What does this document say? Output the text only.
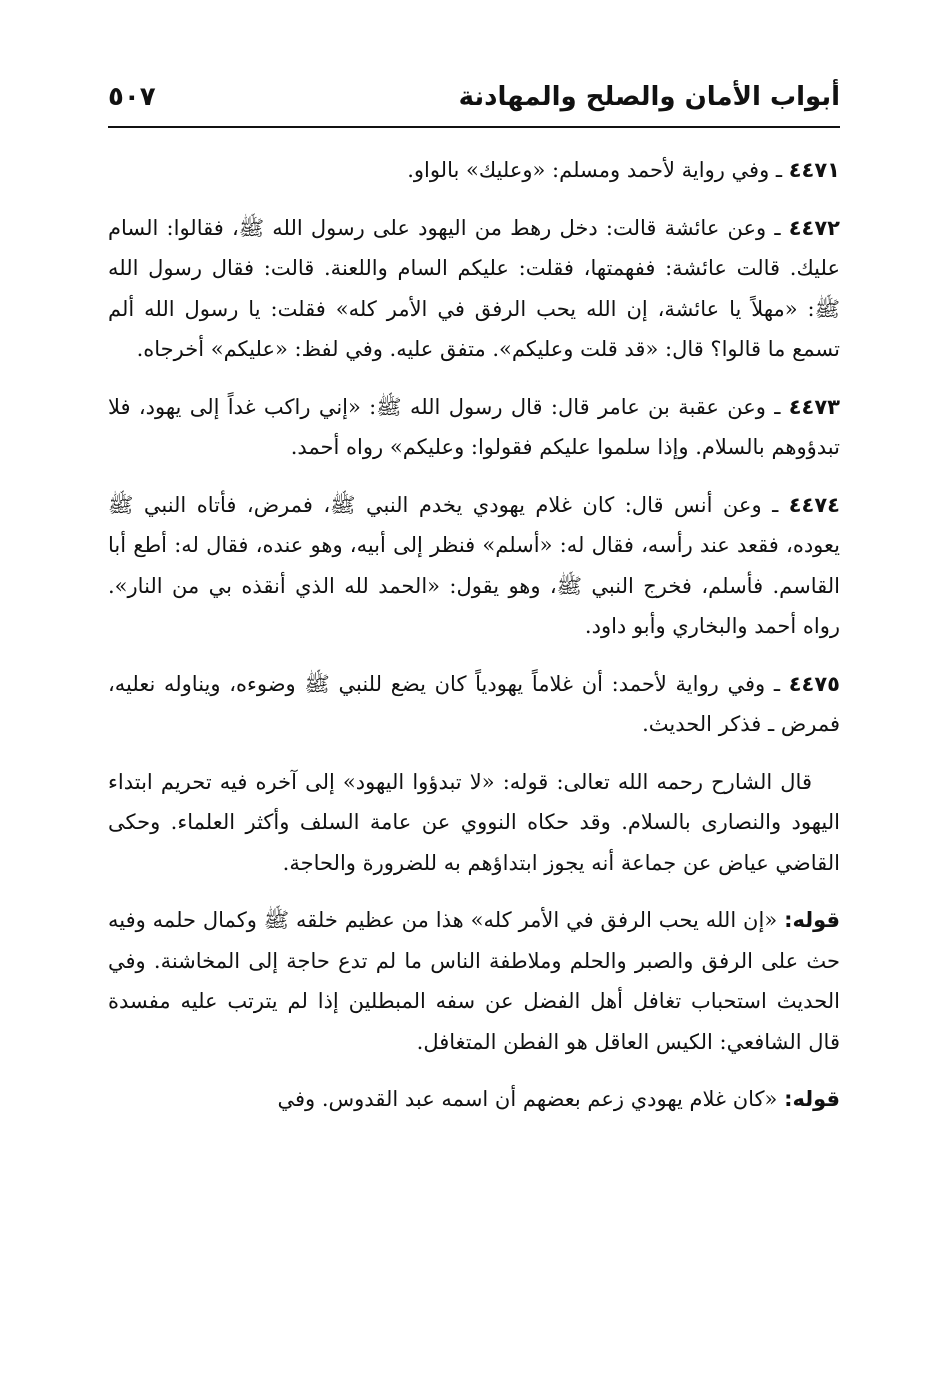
أبواب الأمان والصلح والمهادنة
٥٠٧

٤٤٧١ ـ وفي رواية لأحمد ومسلم: «وعليك» بالواو.

٤٤٧٢ ـ وعن عائشة قالت: دخل رهط من اليهود على رسول الله ﷺ، فقالوا: السام عليك. قالت عائشة: ففهمتها، فقلت: عليكم السام واللعنة. قالت: فقال رسول الله ﷺ: «مهلاً يا عائشة، إن الله يحب الرفق في الأمر كله» فقلت: يا رسول الله ألم تسمع ما قالوا؟ قال: «قد قلت وعليكم». متفق عليه. وفي لفظ: «عليكم» أخرجاه.

٤٤٧٣ ـ وعن عقبة بن عامر قال: قال رسول الله ﷺ: «إني راكب غداً إلى يهود، فلا تبدؤوهم بالسلام. وإذا سلموا عليكم فقولوا: وعليكم» رواه أحمد.

٤٤٧٤ ـ وعن أنس قال: كان غلام يهودي يخدم النبي ﷺ، فمرض، فأتاه النبي ﷺ يعوده، فقعد عند رأسه، فقال له: «أسلم» فنظر إلى أبيه، وهو عنده، فقال له: أطع أبا القاسم. فأسلم، فخرج النبي ﷺ، وهو يقول: «الحمد لله الذي أنقذه بي من النار». رواه أحمد والبخاري وأبو داود.

٤٤٧٥ ـ وفي رواية لأحمد: أن غلاماً يهودياً كان يضع للنبي ﷺ وضوءه، ويناوله نعليه، فمرض ـ فذكر الحديث.

قال الشارح رحمه الله تعالى: قوله: «لا تبدؤوا اليهود» إلى آخره فيه تحريم ابتداء اليهود والنصارى بالسلام. وقد حكاه النووي عن عامة السلف وأكثر العلماء. وحكى القاضي عياض عن جماعة أنه يجوز ابتداؤهم به للضرورة والحاجة.

قوله: «إن الله يحب الرفق في الأمر كله» هذا من عظيم خلقه ﷺ وكمال حلمه وفيه حث على الرفق والصبر والحلم وملاطفة الناس ما لم تدع حاجة إلى المخاشنة. وفي الحديث استحباب تغافل أهل الفضل عن سفه المبطلين إذا لم يترتب عليه مفسدة قال الشافعي: الكيس العاقل هو الفطن المتغافل.

قوله: «كان غلام يهودي زعم بعضهم أن اسمه عبد القدوس. وفي
